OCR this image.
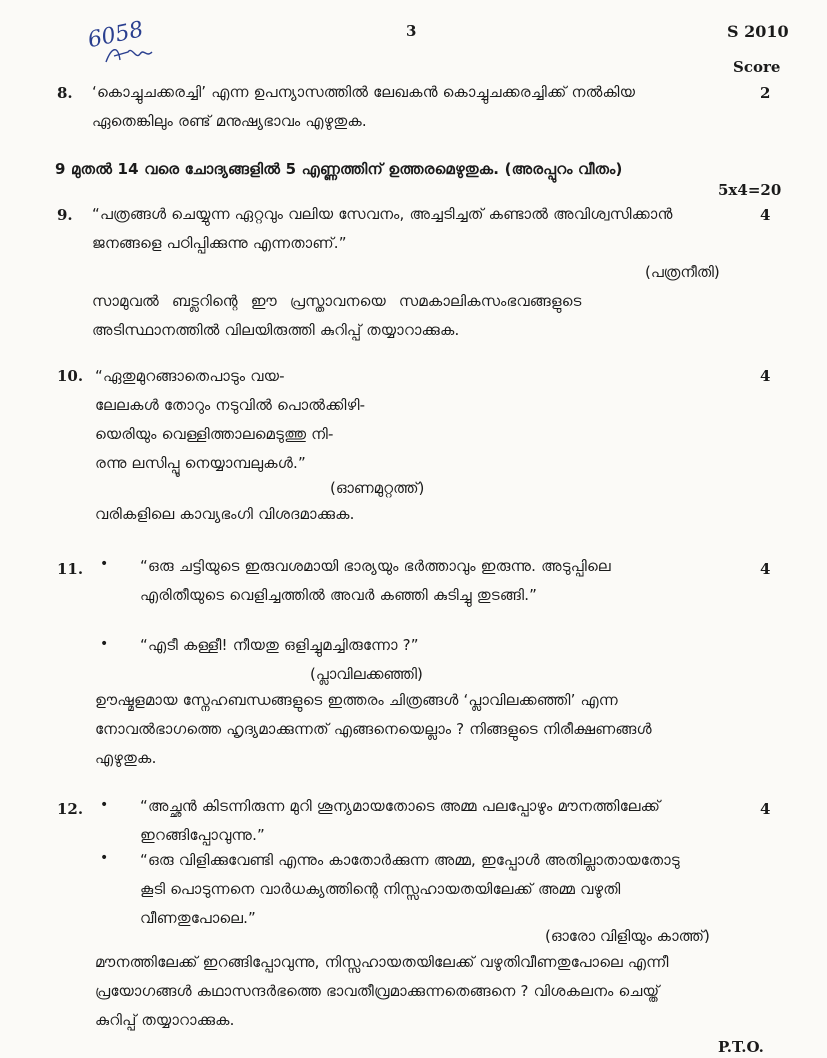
6058	3	S 2010
Score
8. ‘കൊച്ചുചക്കരച്ചി’ എന്ന ഉപന്യാസത്തിൽ ലേഖകൻ കൊച്ചുചക്കരച്ചിക്ക് നൽകിയ
ഏതെങ്കിലും രണ്ട് മനുഷ്യഭാവം എഴുതുക.
2
9 മുതൽ 14 വരെ ചോദ്യങ്ങളിൽ 5 എണ്ണത്തിന് ഉത്തരമെഴുതുക. (അരപ്പുറം വീതം)
5x4=20
9. “പത്രങ്ങൾ ചെയ്യുന്ന ഏറ്റവും വലിയ സേവനം, അച്ചടിച്ചത് കണ്ടാൽ അവിശ്വസിക്കാൻ
ജനങ്ങളെ പഠിപ്പിക്കുന്നു എന്നതാണ്.”
(പത്രനീതി)
സാമുവൽ ബട്ലറിന്റെ ഈ പ്രസ്താവനയെ സമകാലികസംഭവങ്ങളുടെ
അടിസ്ഥാനത്തിൽ വിലയിരുത്തി കുറിപ്പ് തയ്യാറാക്കുക.
4
10. “ഏതുമുറങ്ങാതെപാടും വയ-
ലേലകൾ തോറും നടുവിൽ പൊൽക്കിഴി-
യെരിയും വെള്ളിത്താലമെടുത്തു നി-
രന്നു ലസിപ്പൂ നെയ്യാമ്പലുകൾ.”
(ഓണമുറ്റത്ത്)
വരികളിലെ കാവ്യഭംഗി വിശദമാക്കുക.
4
11. • “ഒരു ചട്ടിയുടെ ഇരുവശമായി ഭാര്യയും ഭർത്താവും ഇരുന്നു. അടുപ്പിലെ
എരിതീയുടെ വെളിച്ചത്തിൽ അവർ കഞ്ഞി കുടിച്ചു തുടങ്ങി.”
• “എടീ കള്ളീ! നീയതു ഒളിച്ചുമച്ചിരുന്നോ ?”
(പ്ലാവിലക്കഞ്ഞി)
ഊഷ്മളമായ സ്നേഹബന്ധങ്ങളുടെ ഇത്തരം ചിത്രങ്ങൾ ‘പ്ലാവിലക്കഞ്ഞി’ എന്ന
നോവൽഭാഗത്തെ ഹൃദ്യമാക്കുന്നത് എങ്ങനെയെല്ലാം ? നിങ്ങളുടെ നിരീക്ഷണങ്ങൾ
എഴുതുക.
4
12. • “അച്ഛൻ കിടന്നിരുന്ന മുറി ശൂന്യമായതോടെ അമ്മ പലപ്പോഴും മൗനത്തിലേക്ക്
ഇറങ്ങിപ്പോവുന്നു.”
• “ഒരു വിളിക്കുവേണ്ടി എന്നും കാതോർക്കുന്ന അമ്മ, ഇപ്പോൾ അതില്ലാതായതോടു
കൂടി പൊടുന്നനെ വാർധക്യത്തിന്റെ നിസ്സഹായതയിലേക്ക് അമ്മ വഴുതി
വീണതുപോലെ.”
(ഓരോ വിളിയും കാത്ത്)
മൗനത്തിലേക്ക് ഇറങ്ങിപ്പോവുന്നു, നിസ്സഹായതയിലേക്ക് വഴുതിവീണതുപോലെ എന്നീ
പ്രയോഗങ്ങൾ കഥാസന്ദർഭത്തെ ഭാവതീവ്രമാക്കുന്നതെങ്ങനെ ? വിശകലനം ചെയ്ത്
കുറിപ്പ് തയ്യാറാക്കുക.
4
P.T.O.
